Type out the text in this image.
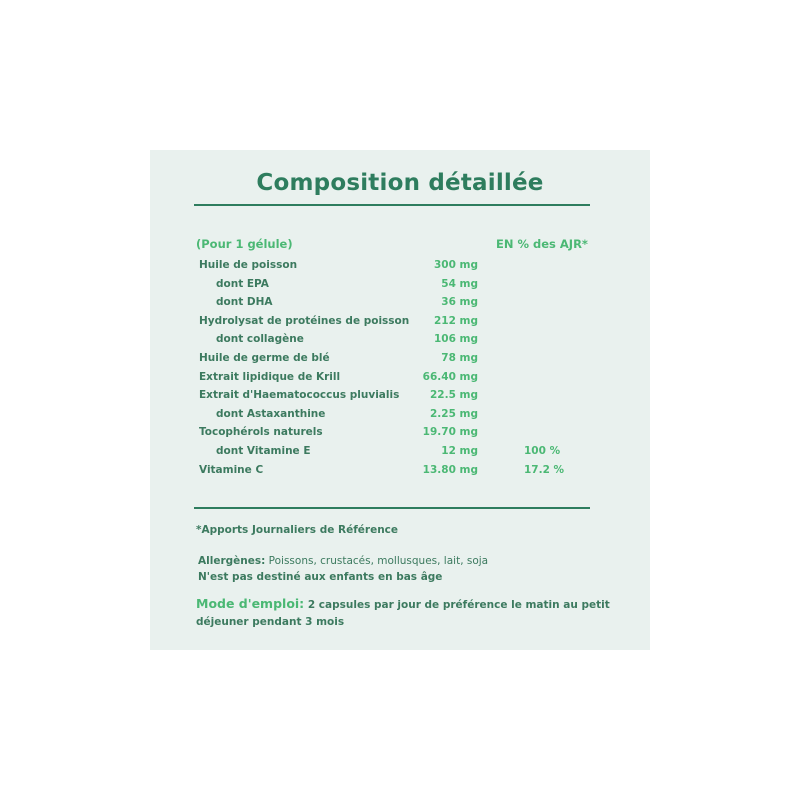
Composition détaillée
(Pour 1 gélule)	EN % des AJR*
Huile de poisson	300 mg
dont EPA	54 mg
dont DHA	36 mg
Hydrolysat de protéines de poisson 212 mg
dont collagène	106 mg
Huile de germe de blé	78 mg
Extrait lipidique de Krill	66.40 mg
Extrait d'Haematococcus pluvialis	22.5 mg
dont Astaxanthine	2.25 mg
Tocophérols naturels	19.70 mg
dont Vitamine E	12 mg	100 %
Vitamine C	13.80 mg	17.2 %
*Apports Journaliers de Référence
Allergènes: Poissons, crustacés, mollusques, lait, soja
N'est pas destiné aux enfants en bas âge
Mode d'emploi: 2 capsules par jour de préférence le matin au petit déjeuner pendant 3 mois
